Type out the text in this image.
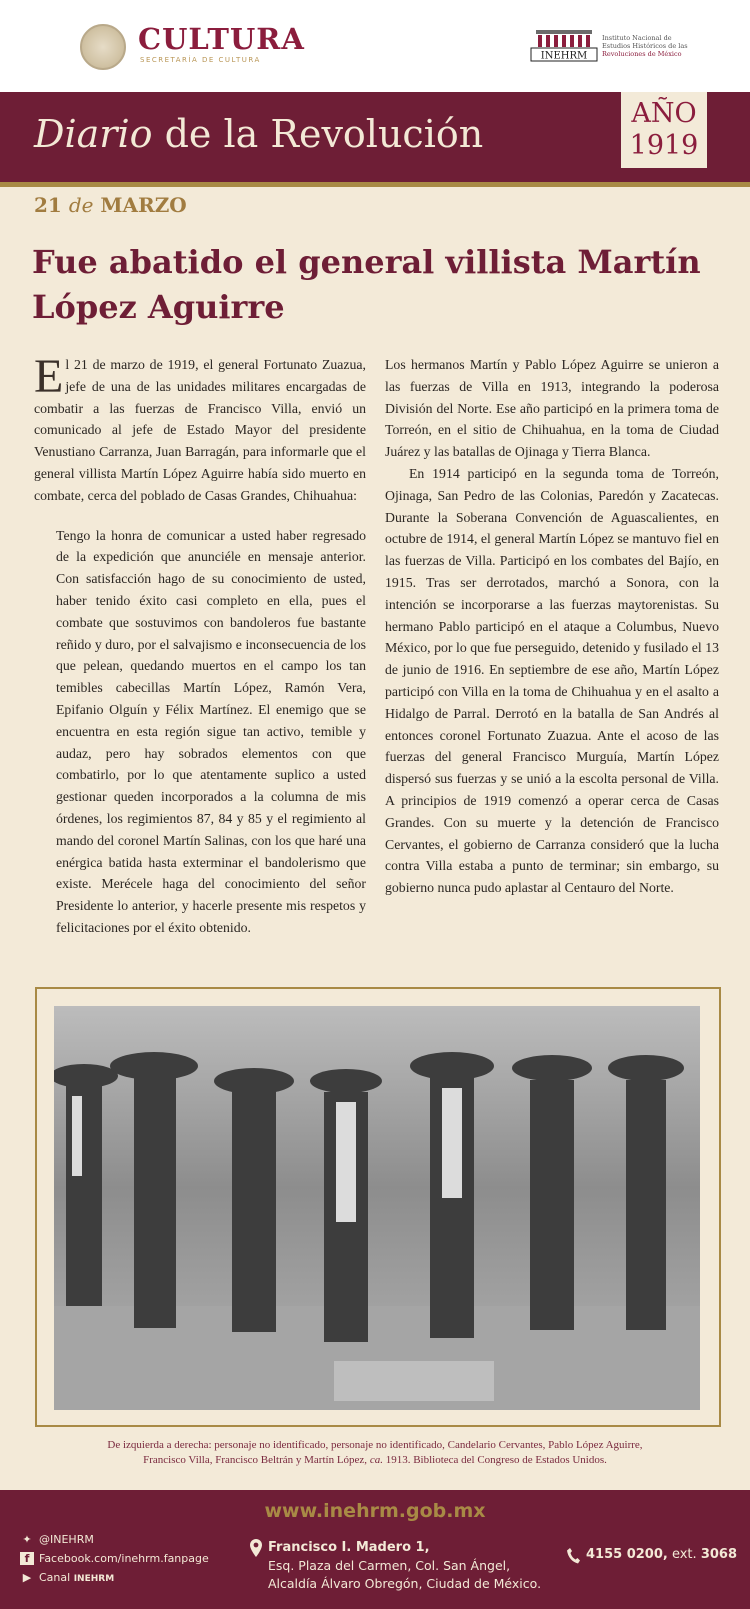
CULTURA
SECRETARÍA DE CULTURA	INEHRM
Instituto Nacional de
Estudios Históricos de las
Revoluciones de México
Diario de la Revolución	AÑO
1919
21 de MARZO
Fue abatido el general villista Martín López Aguirre

El 21 de marzo de 1919, el general Fortunato Zuazua, jefe de una de las unidades militares encargadas de combatir a las fuerzas de Francisco Villa, envió un comunicado al jefe de Estado Mayor del presidente Venustiano Carranza, Juan Barragán, para informarle que el general villista Martín López Aguirre había sido muerto en combate, cerca del poblado de Casas Grandes, Chihuahua:

Tengo la honra de comunicar a usted haber regresado de la expedición que anunciéle en mensaje anterior. Con satisfacción hago de su conocimiento de usted, haber tenido éxito casi completo en ella, pues el combate que sostuvimos con bandoleros fue bastante reñido y duro, por el salvajismo e inconsecuencia de los que pelean, quedando muertos en el campo los tan temibles cabecillas Martín López, Ramón Vera, Epifanio Olguín y Félix Martínez. El enemigo que se encuentra en esta región sigue tan activo, temible y audaz, pero hay sobrados elementos con que combatirlo, por lo que atentamente suplico a usted gestionar queden incorporados a la columna de mis órdenes, los regimientos 87, 84 y 85 y el regimiento al mando del coronel Martín Salinas, con los que haré una enérgica batida hasta exterminar el bandolerismo que existe. Merécele haga del conocimiento del señor Presidente lo anterior, y hacerle presente mis respetos y felicitaciones por el éxito obtenido.

Los hermanos Martín y Pablo López Aguirre se unieron a las fuerzas de Villa en 1913, integrando la poderosa División del Norte. Ese año participó en la primera toma de Torreón, en el sitio de Chihuahua, en la toma de Ciudad Juárez y las batallas de Ojinaga y Tierra Blanca.

En 1914 participó en la segunda toma de Torreón, Ojinaga, San Pedro de las Colonias, Paredón y Zacatecas. Durante la Soberana Convención de Aguascalientes, en octubre de 1914, el general Martín López se mantuvo fiel en las fuerzas de Villa. Participó en los combates del Bajío, en 1915. Tras ser derrotados, marchó a Sonora, con la intención se incorporarse a las fuerzas maytorenistas. Su hermano Pablo participó en el ataque a Columbus, Nuevo México, por lo que fue perseguido, detenido y fusilado el 13 de junio de 1916. En septiembre de ese año, Martín López participó con Villa en la toma de Chihuahua y en el asalto a Hidalgo de Parral. Derrotó en la batalla de San Andrés al entonces coronel Fortunato Zuazua. Ante el acoso de las fuerzas del general Francisco Murguía, Martín López dispersó sus fuerzas y se unió a la escolta personal de Villa. A principios de 1919 comenzó a operar cerca de Casas Grandes. Con su muerte y la detención de Francisco Cervantes, el gobierno de Carranza consideró que la lucha contra Villa estaba a punto de terminar; sin embargo, su gobierno nunca pudo aplastar al Centauro del Norte.

De izquierda a derecha: personaje no identificado, personaje no identificado, Candelario Cervantes, Pablo López Aguirre,
Francisco Villa, Francisco Beltrán y Martín López, ca. 1913. Biblioteca del Congreso de Estados Unidos.
www.inehrm.gob.mx
✦ @INEHRM
f Facebook.com/inehrm.fanpage
▶ Canal INEHRM
Francisco I. Madero 1,
Esq. Plaza del Carmen, Col. San Ángel,
Alcaldía Álvaro Obregón, Ciudad de México.
4155 0200, ext. 3068
